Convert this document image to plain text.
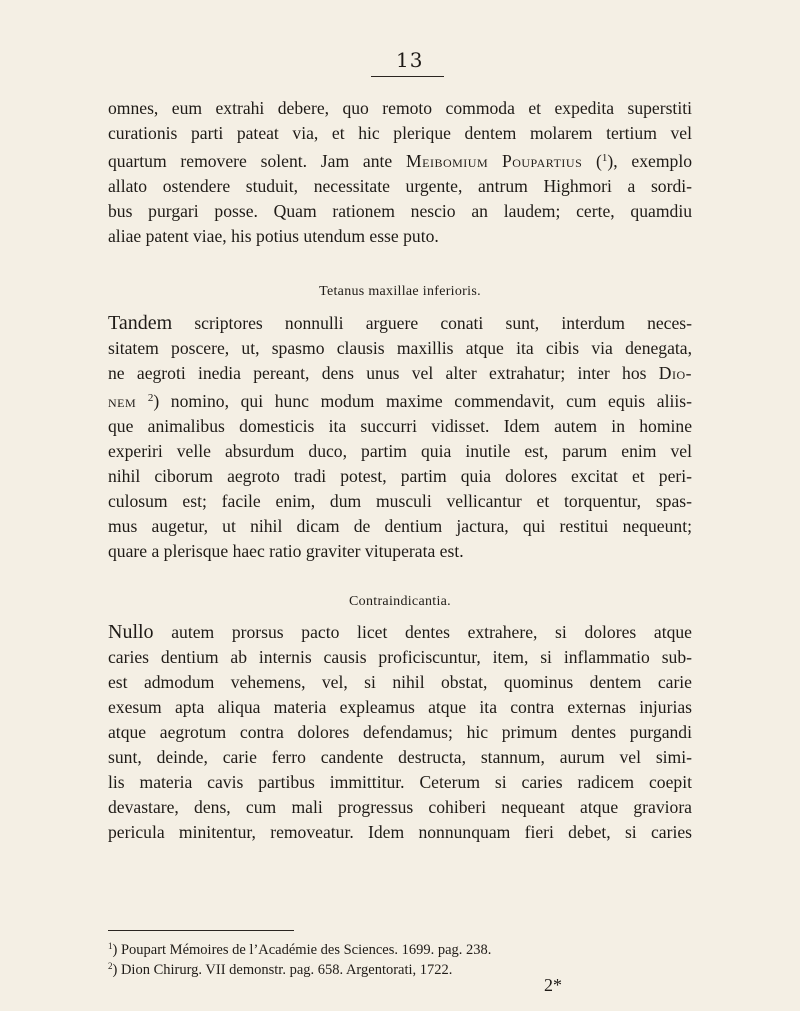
13

omnes, eum extrahi debere, quo remoto commoda et expedita superstiti
curationis parti pateat via, et hic plerique dentem molarem tertium vel
quartum removere solent. Jam ante Meibomium Poupartius ($^1$), exemplo
allato ostendere studuit, necessitate urgente, antrum Highmori a sordi-
bus purgari posse. Quam rationem nescio an laudem; certe, quamdiu
aliae patent viae, his potius utendum esse puto.

Tetanus maxillae inferioris.

Tandem scriptores nonnulli arguere conati sunt, interdum neces-
sitatem poscere, ut, spasmo clausis maxillis atque ita cibis via denegata,
ne aegroti inedia pereant, dens unus vel alter extrahatur; inter hos Dio-
nem $^2$) nomino, qui hunc modum maxime commendavit, cum equis aliis-
que animalibus domesticis ita succurri vidisset. Idem autem in homine
experiri velle absurdum duco, partim quia inutile est, parum enim vel
nihil ciborum aegroto tradi potest, partim quia dolores excitat et peri-
culosum est; facile enim, dum musculi vellicantur et torquentur, spas-
mus augetur, ut nihil dicam de dentium jactura, qui restitui nequeunt;
quare a plerisque haec ratio graviter vituperata est.

Contraindicantia.

Nullo autem prorsus pacto licet dentes extrahere, si dolores atque
caries dentium ab internis causis proficiscuntur, item, si inflammatio sub-
est admodum vehemens, vel, si nihil obstat, quominus dentem carie
exesum apta aliqua materia expleamus atque ita contra externas injurias
atque aegrotum contra dolores defendamus; hic primum dentes purgandi
sunt, deinde, carie ferro candente destructa, stannum, aurum vel simi-
lis materia cavis partibus immittitur. Ceterum si caries radicem coepit
devastare, dens, cum mali progressus cohiberi nequeant atque graviora
pericula minitentur, removeatur. Idem nonnunquam fieri debet, si caries

$^1$) Poupart Mémoires de l’Académie des Sciences. 1699. pag. 238.
$^2$) Dion Chirurg. VII demonstr. pag. 658. Argentorati, 1722.
2*
